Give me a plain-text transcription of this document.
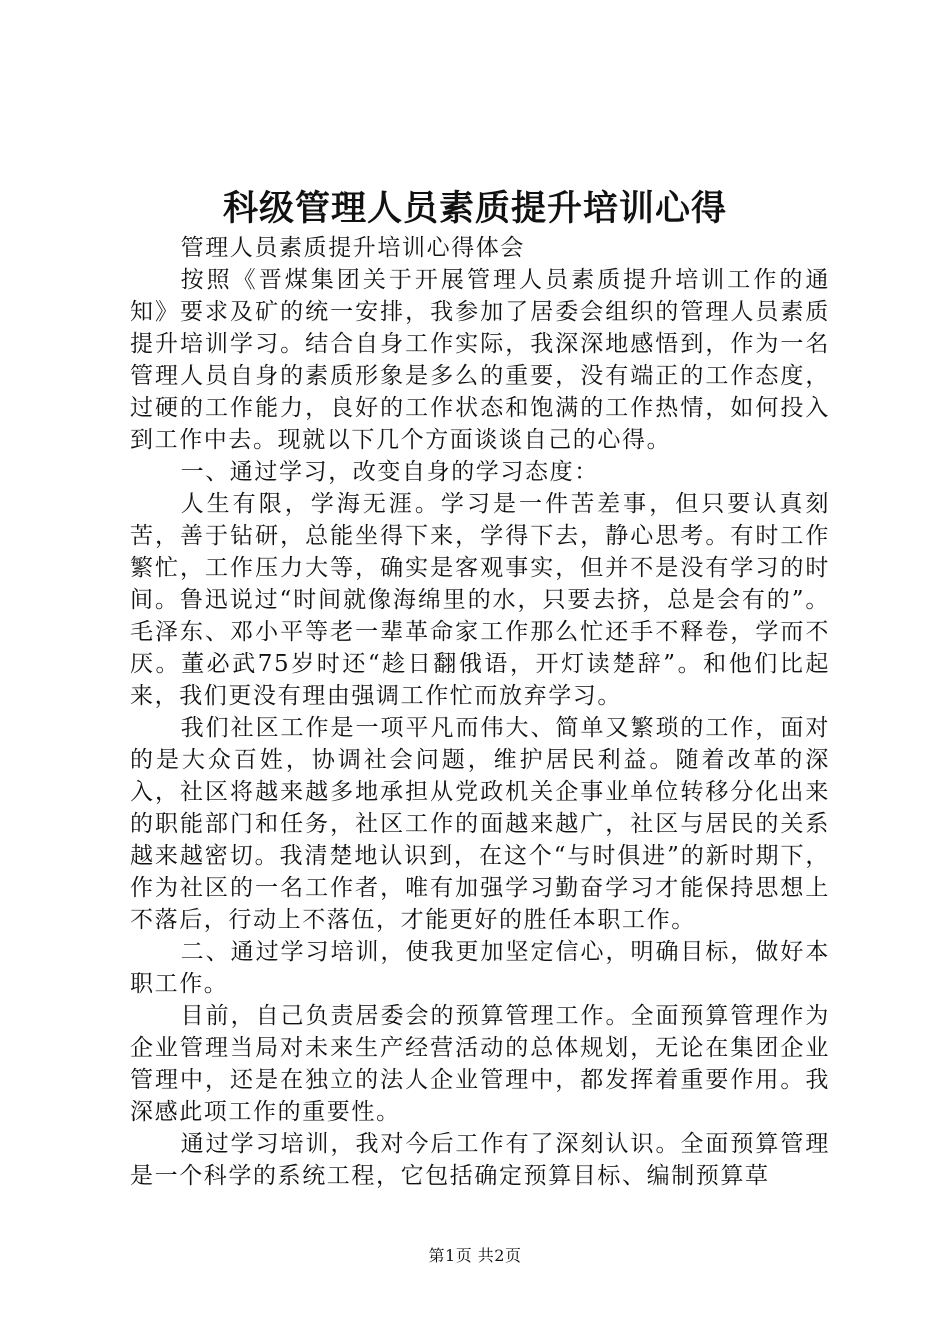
科级管理人员素质提升培训心得

管理人员素质提升培训心得体会

按照《晋煤集团关于开展管理人员素质提升培训工作的通知》要求及矿的统一安排，我参加了居委会组织的管理人员素质提升培训学习。结合自身工作实际，我深深地感悟到，作为一名管理人员自身的素质形象是多么的重要，没有端正的工作态度，过硬的工作能力，良好的工作状态和饱满的工作热情，如何投入到工作中去。现就以下几个方面谈谈自己的心得。

一、通过学习，改变自身的学习态度：

人生有限，学海无涯。学习是一件苦差事，但只要认真刻苦，善于钻研，总能坐得下来，学得下去，静心思考。有时工作繁忙，工作压力大等，确实是客观事实，但并不是没有学习的时间。鲁迅说过“时间就像海绵里的水，只要去挤，总是会有的”。毛泽东、邓小平等老一辈革命家工作那么忙还手不释卷，学而不厌。董必武75岁时还“趁日翻俄语，开灯读楚辞”。和他们比起来，我们更没有理由强调工作忙而放弃学习。

我们社区工作是一项平凡而伟大、简单又繁琐的工作，面对的是大众百姓，协调社会问题，维护居民利益。随着改革的深入，社区将越来越多地承担从党政机关企事业单位转移分化出来的职能部门和任务，社区工作的面越来越广，社区与居民的关系越来越密切。我清楚地认识到，在这个“与时俱进”的新时期下，作为社区的一名工作者，唯有加强学习勤奋学习才能保持思想上不落后，行动上不落伍，才能更好的胜任本职工作。

二、通过学习培训，使我更加坚定信心，明确目标，做好本职工作。

目前，自己负责居委会的预算管理工作。全面预算管理作为企业管理当局对未来生产经营活动的总体规划，无论在集团企业管理中，还是在独立的法人企业管理中，都发挥着重要作用。我深感此项工作的重要性。

通过学习培训，我对今后工作有了深刻认识。全面预算管理是一个科学的系统工程，它包括确定预算目标、编制预算草

第1页 共2页
